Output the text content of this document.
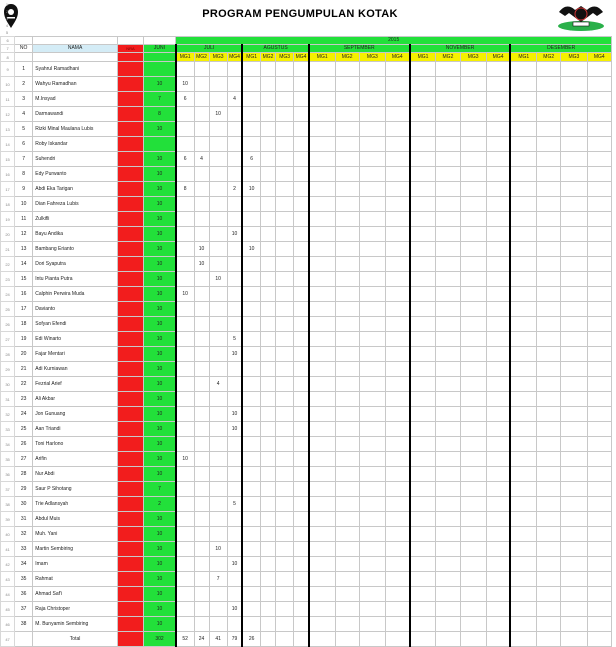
PROGRAM PENGUMPULAN KOTAK
6					2015																			
7	NO	NAMA	NRA	JUNI	JULI				AGUSTUS				SEPTEMBER				NOVEMBER				DESEMBER			
8					MG1	MG2	MG3	MG4	MG1	MG2	MG3	MG4	MG1	MG2	MG3	MG4	MG1	MG2	MG3	MG4	MG1	MG2	MG3	MG4
9	1	Syahrul Ramadhani																						
10	2	Wahyu Ramadhan		10	10																			
11	3	M.Insyad		7	6			4																
12	4	Darmawandi		8			10																	
13	5	Rizki Minal Maulana Lubis		10																				
14	6	Roby Iskandar																						
15	7	Suhendri		10	6	4			6															
16	8	Edy Purwanto		10																				
17	9	Abdi Eka Tarigan		10	8			2	10															
18	10	Dian Fahreza Lubis		10																				
19	11	Zulkifli		10																				
20	12	Bayu Andika		10				10																
21	13	Bambang Erianto		10		10			10															
22	14	Dori Syaputra		10		10																		
23	15	Intu Pianta Putra		10			10																	
24	16	Calphin Perwira Muda		10	10																			
25	17	Davianto		10																				
26	18	Sofyan Efendi		10																				
27	19	Edi Winarto		10				5																
28	20	Fajar Mentari		10				10																
29	21	Adi Kurniawan		10																				
30	22	Fezrial Arief		10			4																	
31	23	Ali Akbar		10																				
32	24	Jon Gunuang		10				10																
33	25	Aan Triandi		10				10																
34	26	Toni Harlono		10																				
35	27	Arifin		10	10																			
36	28	Nur Abdi		10																				
37	29	Saur P Sihotang		7																				
38	30	Trie Adlansyah		2				5																
39	31	Abdul Muis		10																				
40	32	Muh. Yani		10																				
41	33	Martin Sembiring		10			10																	
42	34	Imam		10				10																
43	35	Rahmat		10			7																	
44	36	Ahmad Saf'i		10																				
45	37	Raja Christoper		10				10																
46	38	M. Bunyamin Sembiring		10																				
47		Total		302	52	24	41	79	26															
1
2
3
4
5
